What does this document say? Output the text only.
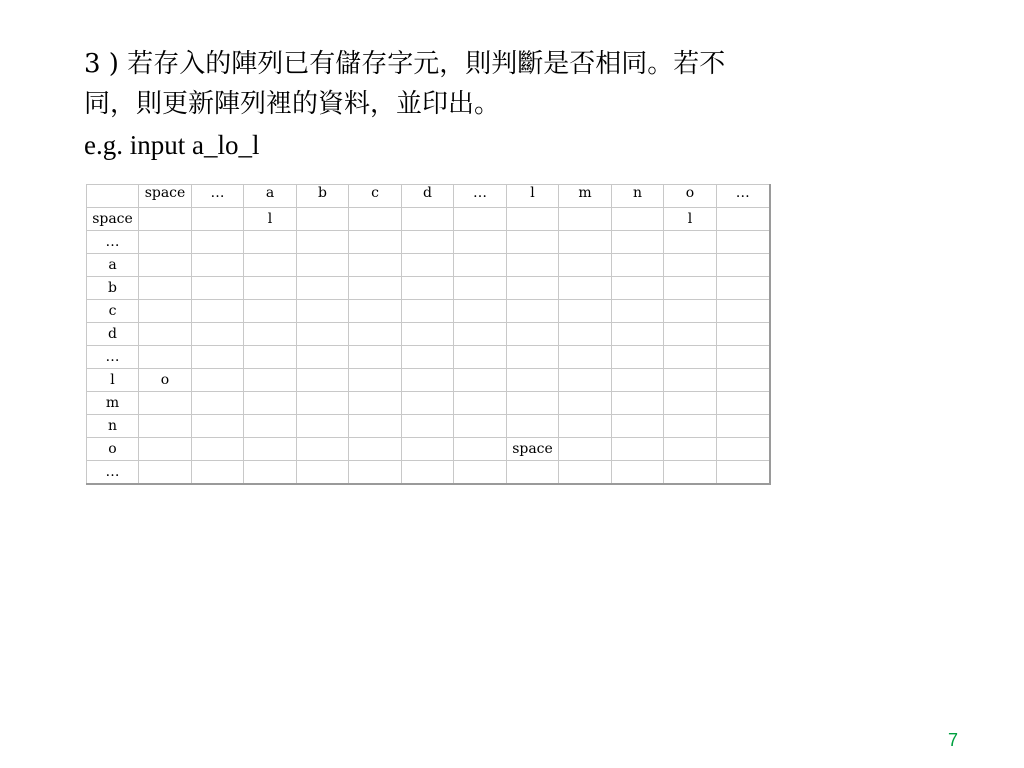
3 ) 若存入的陣列已有儲存字元，則判斷是否相同。若不
同，則更新陣列裡的資料，並印出。
e.g. input a_lo_l
	space	…	a	b	c	d	…	l	m	n	o	…
space			l								l	
…												
a												
b												
c												
d												
…												
l	o											
m												
n												
o								space				
…												
7
